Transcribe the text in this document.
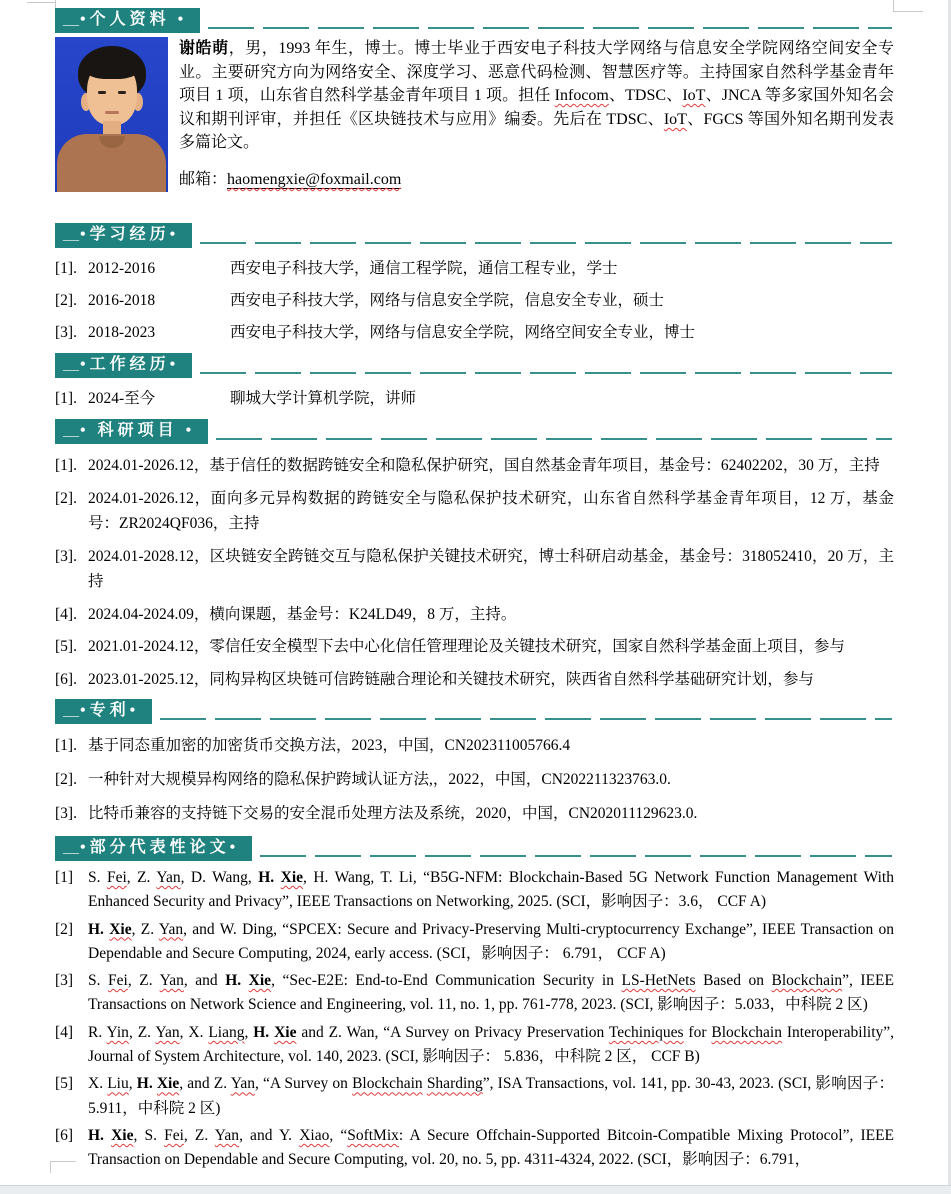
__•个人资料 •

谢皓萌，男，1993 年生，博士。博士毕业于西安电子科技大学网络与信息安全学院网络空间安全专业。主要研究方向为网络安全、深度学习、恶意代码检测、智慧医疗等。主持国家自然科学基金青年项目 1 项，山东省自然科学基金青年项目 1 项。担任 Infocom、TDSC、IoT、JNCA 等多家国外知名会议和期刊评审，并担任《区块链技术与应用》编委。先后在 TDSC、IoT、FGCS 等国外知名期刊发表多篇论文。

邮箱：haomengxie@foxmail.com

__•学习经历•
[1]. 2012-2016	西安电子科技大学，通信工程学院，通信工程专业，学士
[2]. 2016-2018	西安电子科技大学，网络与信息安全学院，信息安全专业，硕士
[3]. 2018-2023	西安电子科技大学，网络与信息安全学院，网络空间安全专业，博士
__•工作经历•
[1]. 2024-至今	聊城大学计算机学院，讲师
__• 科研项目 •
[1]. 2024.01-2026.12，基于信任的数据跨链安全和隐私保护研究，国自然基金青年项目，基金号：62402202，30 万，主持
[2]. 2024.01-2026.12，面向多元异构数据的跨链安全与隐私保护技术研究，山东省自然科学基金青年项目，12 万，基金号：ZR2024QF036，主持
[3]. 2024.01-2028.12，区块链安全跨链交互与隐私保护关键技术研究，博士科研启动基金，基金号：318052410，20 万，主持
[4]. 2024.04-2024.09，横向课题，基金号：K24LD49，8 万，主持。
[5]. 2021.01-2024.12，零信任安全模型下去中心化信任管理理论及关键技术研究，国家自然科学基金面上项目，参与
[6]. 2023.01-2025.12，同构异构区块链可信跨链融合理论和关键技术研究，陕西省自然科学基础研究计划，参与
__•专利•
[1]. 基于同态重加密的加密货币交换方法，2023，中国，CN202311005766.4
[2]. 一种针对大规模异构网络的隐私保护跨域认证方法,，2022，中国，CN202211323763.0.
[3]. 比特币兼容的支持链下交易的安全混币处理方法及系统，2020，中国，CN202011129623.0.
__•部分代表性论文•
[1] S. Fei, Z. Yan, D. Wang, H. Xie, H. Wang, T. Li, “B5G-NFM: Blockchain-Based 5G Network Function Management With Enhanced Security and Privacy”, IEEE Transactions on Networking, 2025. (SCI，影响因子：3.6， CCF A)
[2] H. Xie, Z. Yan, and W. Ding, “SPCEX: Secure and Privacy-Preserving Multi-cryptocurrency Exchange”, IEEE Transaction on Dependable and Secure Computing, 2024, early access. (SCI，影响因子： 6.791， CCF A)
[3] S. Fei, Z. Yan, and H. Xie, “Sec-E2E: End-to-End Communication Security in LS-HetNets Based on Blockchain”, IEEE Transactions on Network Science and Engineering, vol. 11, no. 1, pp. 761-778, 2023. (SCI, 影响因子：5.033，中科院 2 区)
[4] R. Yin, Z. Yan, X. Liang, H. Xie and Z. Wan, “A Survey on Privacy Preservation Techiniques for Blockchain Interoperability”, Journal of System Architecture, vol. 140, 2023. (SCI, 影响因子： 5.836，中科院 2 区， CCF B)
[5] X. Liu, H. Xie, and Z. Yan, “A Survey on Blockchain Sharding”, ISA Transactions, vol. 141, pp. 30-43, 2023. (SCI, 影响因子：5.911，中科院 2 区)
[6] H. Xie, S. Fei, Z. Yan, and Y. Xiao, “SoftMix: A Secure Offchain-Supported Bitcoin-Compatible Mixing Protocol”, IEEE Transaction on Dependable and Secure Computing, vol. 20, no. 5, pp. 4311-4324, 2022. (SCI，影响因子：6.791，
